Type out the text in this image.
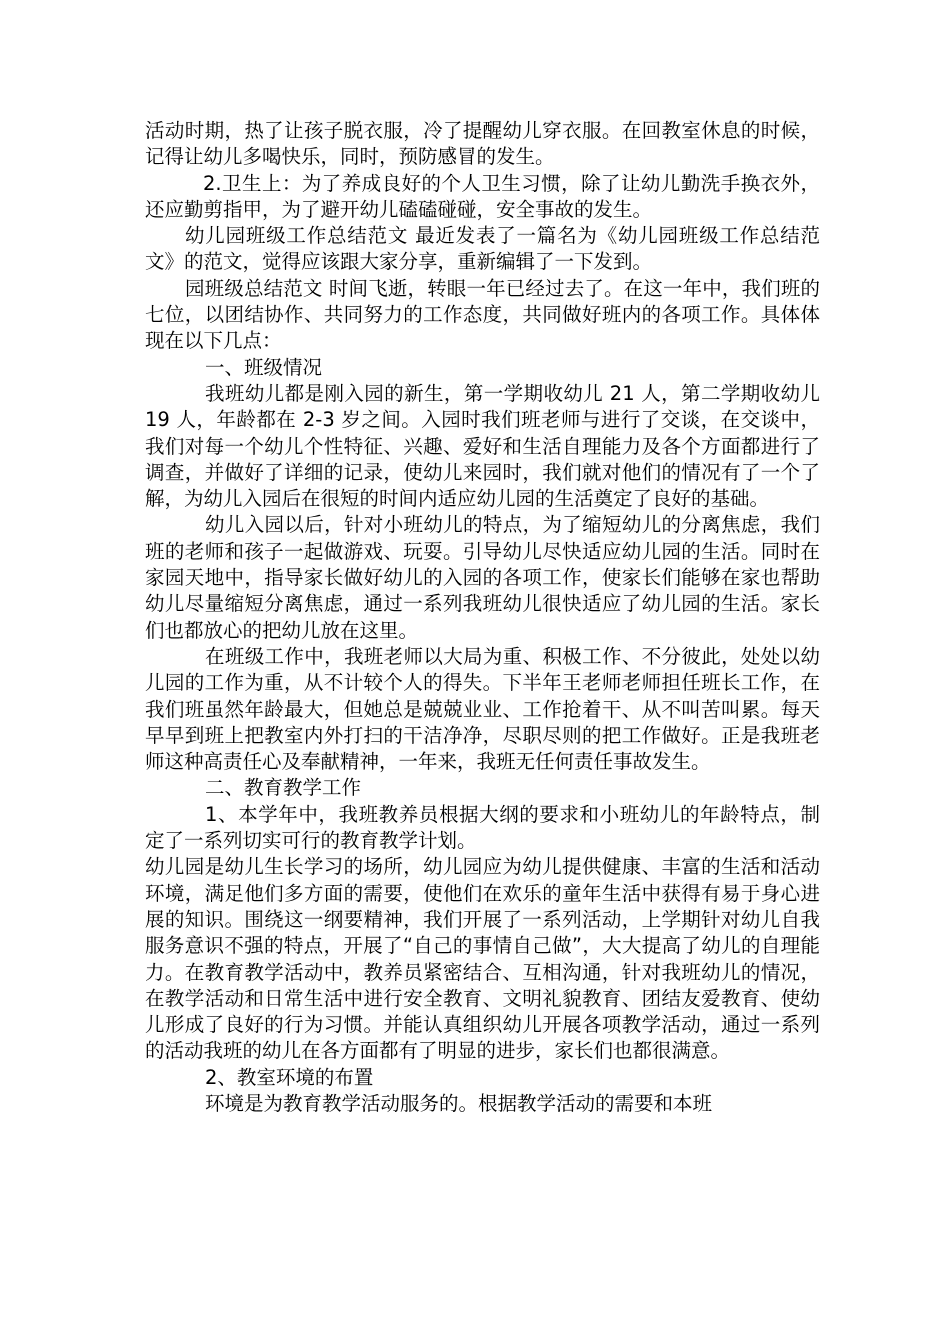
活动时期，热了让孩子脱衣服，冷了提醒幼儿穿衣服。在回教室休息的时候，记得让幼儿多喝快乐，同时，预防感冒的发生。

2.卫生上：为了养成良好的个人卫生习惯，除了让幼儿勤洗手换衣外，还应勤剪指甲，为了避开幼儿磕磕碰碰，安全事故的发生。

幼儿园班级工作总结范文 最近发表了一篇名为《幼儿园班级工作总结范文》的范文，觉得应该跟大家分享，重新编辑了一下发到。

园班级总结范文 时间飞逝，转眼一年已经过去了。在这一年中，我们班的七位，以团结协作、共同努力的工作态度，共同做好班内的各项工作。具体体现在以下几点：

一、班级情况

我班幼儿都是刚入园的新生，第一学期收幼儿 21 人，第二学期收幼儿 19 人，年龄都在 2-3 岁之间。入园时我们班老师与进行了交谈，在交谈中，我们对每一个幼儿个性特征、兴趣、爱好和生活自理能力及各个方面都进行了调查，并做好了详细的记录，使幼儿来园时，我们就对他们的情况有了一个了解，为幼儿入园后在很短的时间内适应幼儿园的生活奠定了良好的基础。

幼儿入园以后，针对小班幼儿的特点，为了缩短幼儿的分离焦虑，我们班的老师和孩子一起做游戏、玩耍。引导幼儿尽快适应幼儿园的生活。同时在家园天地中，指导家长做好幼儿的入园的各项工作，使家长们能够在家也帮助幼儿尽量缩短分离焦虑，通过一系列我班幼儿很快适应了幼儿园的生活。家长们也都放心的把幼儿放在这里。

在班级工作中，我班老师以大局为重、积极工作、不分彼此，处处以幼儿园的工作为重，从不计较个人的得失。下半年王老师老师担任班长工作，在我们班虽然年龄最大，但她总是兢兢业业、工作抢着干、从不叫苦叫累。每天早早到班上把教室内外打扫的干洁净净，尽职尽则的把工作做好。正是我班老师这种高责任心及奉献精神，一年来，我班无任何责任事故发生。

二、教育教学工作

1、本学年中，我班教养员根据大纲的要求和小班幼儿的年龄特点，制定了一系列切实可行的教育教学计划。

幼儿园是幼儿生长学习的场所，幼儿园应为幼儿提供健康、丰富的生活和活动环境，满足他们多方面的需要，使他们在欢乐的童年生活中获得有易于身心进展的知识。围绕这一纲要精神，我们开展了一系列活动，上学期针对幼儿自我服务意识不强的特点，开展了“自己的事情自己做”，大大提高了幼儿的自理能力。在教育教学活动中，教养员紧密结合、互相沟通，针对我班幼儿的情况，在教学活动和日常生活中进行安全教育、文明礼貌教育、团结友爱教育、使幼儿形成了良好的行为习惯。并能认真组织幼儿开展各项教学活动，通过一系列的活动我班的幼儿在各方面都有了明显的进步，家长们也都很满意。

2、教室环境的布置

环境是为教育教学活动服务的。根据教学活动的需要和本班
